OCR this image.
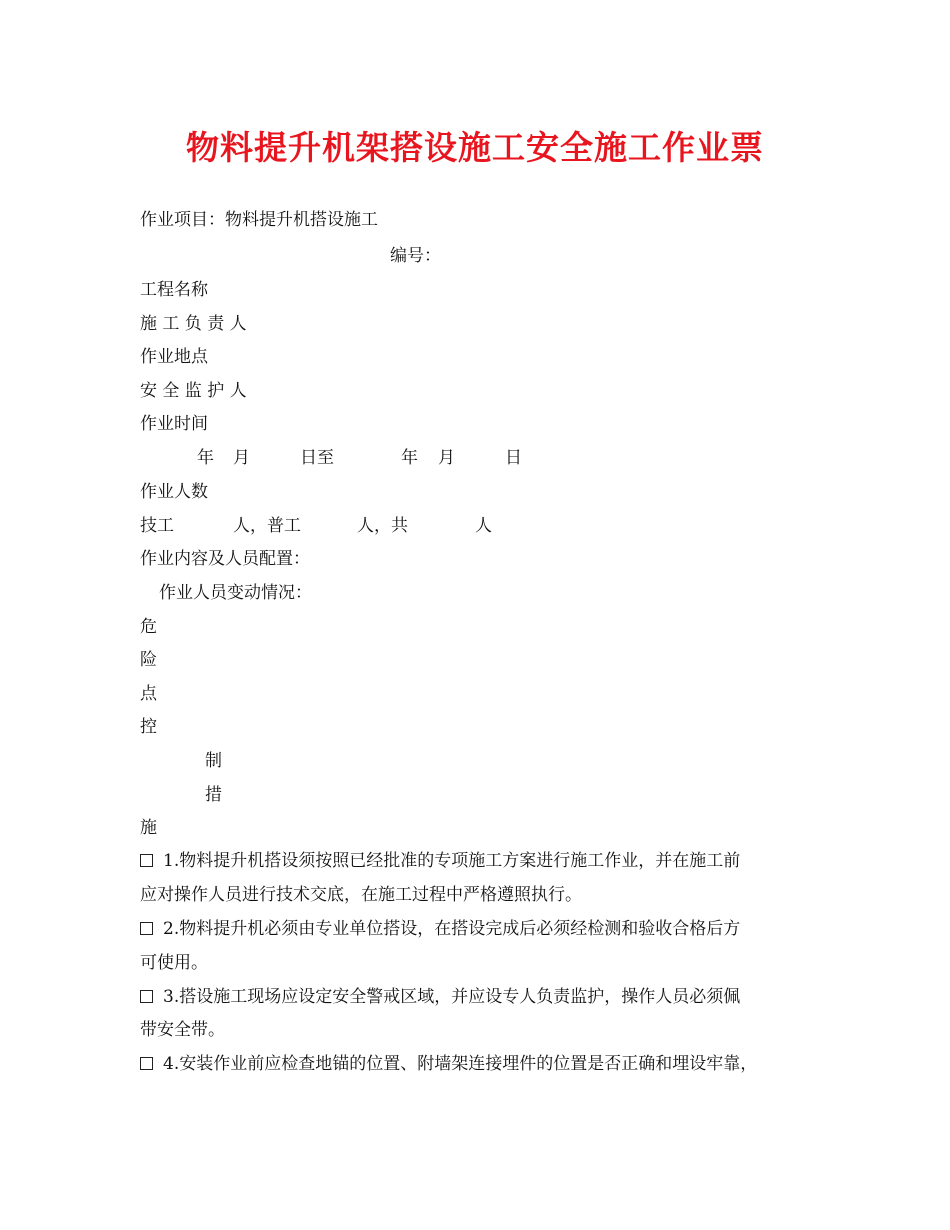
物料提升机架搭设施工安全施工作业票
作业项目：物料提升机搭设施工
编号：
工程名称
施 工 负 责 人
作业地点
安 全 监 护 人
作业时间
年 月	日至	年 月	日
作业人数
技工	人，普工	人，共	人
作业内容及人员配置：
作业人员变动情况：
危
险
点
控
制
措
施
1.物料提升机搭设须按照已经批准的专项施工方案进行施工作业，并在施工前
应对操作人员进行技术交底，在施工过程中严格遵照执行。
2.物料提升机必须由专业单位搭设，在搭设完成后必须经检测和验收合格后方
可使用。
3.搭设施工现场应设定安全警戒区域，并应设专人负责监护，操作人员必须佩
带安全带。
4.安装作业前应检查地锚的位置、附墙架连接埋件的位置是否正确和埋设牢靠，
